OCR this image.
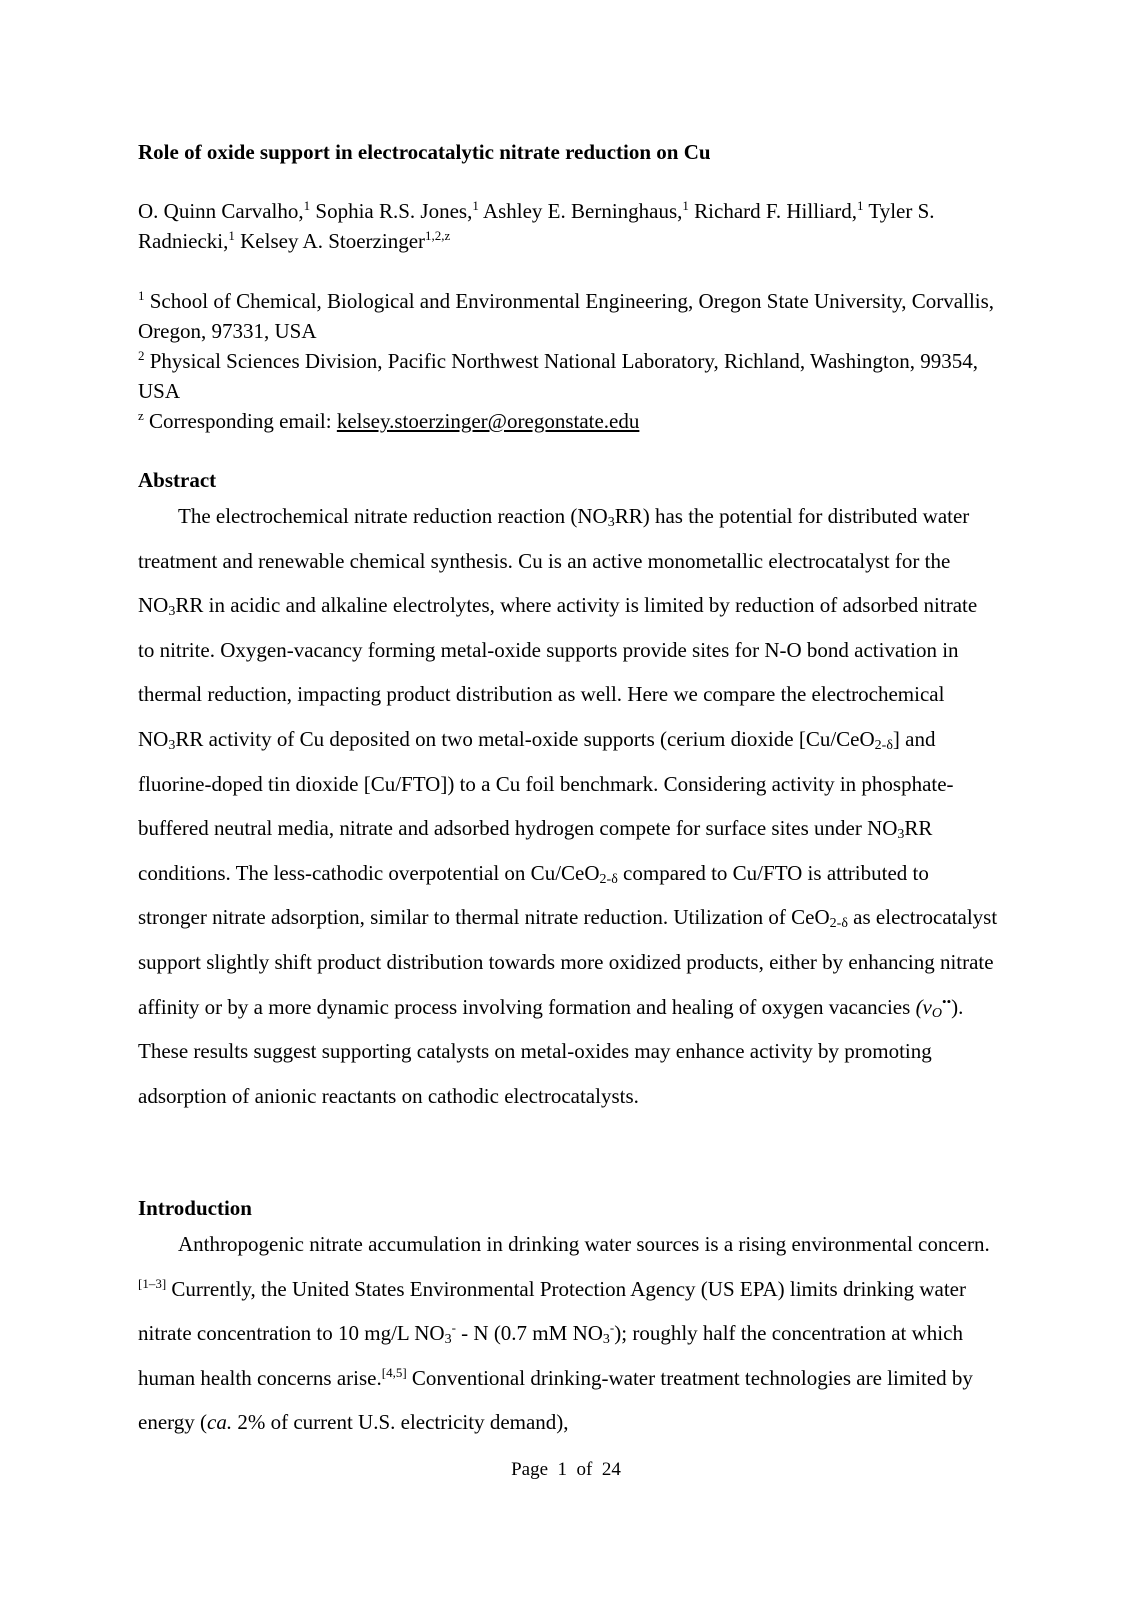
Role of oxide support in electrocatalytic nitrate reduction on Cu

O. Quinn Carvalho,$^1$ Sophia R.S. Jones,$^1$ Ashley E. Berninghaus,$^1$ Richard F. Hilliard,$^1$ Tyler S. Radniecki,$^1$ Kelsey A. Stoerzinger$^{1,2,z}$

$^1$ School of Chemical, Biological and Environmental Engineering, Oregon State University, Corvallis, Oregon, 97331, USA
$^2$ Physical Sciences Division, Pacific Northwest National Laboratory, Richland, Washington, 99354, USA
$^z$ Corresponding email: kelsey.stoerzinger@oregonstate.edu

Abstract

The electrochemical nitrate reduction reaction $(NO_3RR)$ has the potential for distributed water treatment and renewable chemical synthesis. Cu is an active monometallic electrocatalyst for the $NO_3RR$ in acidic and alkaline electrolytes, where activity is limited by reduction of adsorbed nitrate to nitrite. Oxygen-vacancy forming metal-oxide supports provide sites for N-O bond activation in thermal reduction, impacting product distribution as well. Here we compare the electrochemical $NO_3RR$ activity of Cu deposited on two metal-oxide supports (cerium dioxide [Cu/CeO$_{2-\delta}$] and fluorine-doped tin dioxide [Cu/FTO]) to a Cu foil benchmark. Considering activity in phosphate-buffered neutral media, nitrate and adsorbed hydrogen compete for surface sites under $NO_3RR$ conditions. The less-cathodic overpotential on Cu/CeO$_{2-\delta}$ compared to Cu/FTO is attributed to stronger nitrate adsorption, similar to thermal nitrate reduction. Utilization of CeO$_{2-\delta}$ as electrocatalyst support slightly shift product distribution towards more oxidized products, either by enhancing nitrate affinity or by a more dynamic process involving formation and healing of oxygen vacancies $(v_O^{••})$. These results suggest supporting catalysts on metal-oxides may enhance activity by promoting adsorption of anionic reactants on cathodic electrocatalysts.

Introduction

Anthropogenic nitrate accumulation in drinking water sources is a rising environmental concern.[1–3] Currently, the United States Environmental Protection Agency (US EPA) limits drinking water nitrate concentration to 10 mg/L $NO_3^-$ - N (0.7 mM $NO_3^-$); roughly half the concentration at which human health concerns arise.[4,5] Conventional drinking-water treatment technologies are limited by energy (ca. 2% of current U.S. electricity demand),

Page 1 of 24
